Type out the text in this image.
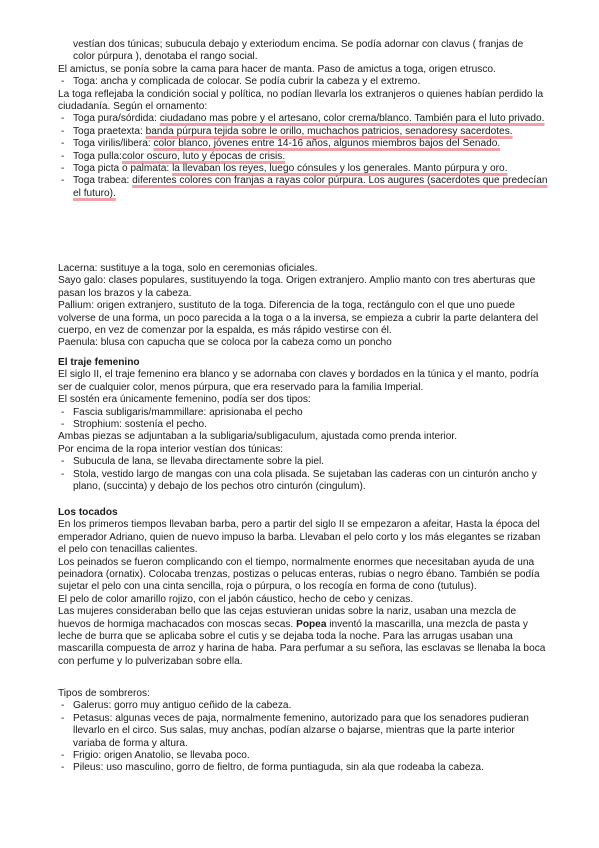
vestían dos túnicas; subucula debajo y exteriodum encima. Se podía adornar con clavus ( franjas de color púrpura ), denotaba el rango social.

El amictus, se ponía sobre la cama para hacer de manta. Paso de amictus a toga, origen etrusco.

- Toga: ancha y complicada de colocar. Se podía cubrir la cabeza y el extremo.

La toga reflejaba la condición social y política, no podían llevarla los extranjeros o quienes habían perdido la ciudadanía. Según el ornamento:

- Toga pura/sórdida: ciudadano mas pobre y el artesano, color crema/blanco. También para el luto privado.

- Toga praetexta: banda púrpura tejida sobre le orillo, muchachos patricios, senadoresy sacerdotes.

- Toga virilis/libera: color blanco, jóvenes entre 14-16 años, algunos miembros bajos del Senado.

- Toga pulla:color oscuro, luto y épocas de crisis.

- Toga picta o palmata: la llevaban los reyes, luego cónsules y los generales. Manto púrpura y oro.

- Toga trabea: diferentes colores con franjas a rayas color púrpura. Los augures (sacerdotes que predecían el futuro).

Lacerna: sustituye a la toga, solo en ceremonias oficiales.

Sayo galo: clases populares, sustituyendo la toga. Origen extranjero. Amplio manto con tres aberturas que pasan los brazos y la cabeza.

Pallium: origen extranjero, sustituto de la toga. Diferencia de la toga, rectángulo con el que uno puede volverse de una forma, un poco parecida a la toga o a la inversa, se empieza a cubrir la parte delantera del cuerpo, en vez de comenzar por la espalda, es más rápido vestirse con él.

Paenula: blusa con capucha que se coloca por la cabeza como un poncho

El traje femenino

El siglo II, el traje femenino era blanco y se adornaba con claves y bordados en la túnica y el manto, podría ser de cualquier color, menos púrpura, que era reservado para la familia Imperial.

El sostén era únicamente femenino, podía ser dos tipos:

- Fascia subligaris/mammillare: aprisionaba el pecho

- Strophium: sostenía el pecho.

Ambas piezas se adjuntaban a la subligaria/subligaculum, ajustada como prenda interior.

Por encima de la ropa interior vestían dos túnicas:

- Subucula de lana, se llevaba directamente sobre la piel.

- Stola, vestido largo de mangas con una cola plisada. Se sujetaban las caderas con un cinturón ancho y plano, (succinta) y debajo de los pechos otro cinturón (cingulum).

Los tocados

En los primeros tiempos llevaban barba, pero a partir del siglo II se empezaron a afeitar, Hasta la época del emperador Adriano, quien de nuevo impuso la barba. Llevaban el pelo corto y los más elegantes se rizaban el pelo con tenacillas calientes.

Los peinados se fueron complicando con el tiempo, normalmente enormes que necesitaban ayuda de una peinadora (ornatix). Colocaba trenzas, postizas o pelucas enteras, rubias o negro ébano. También se podía sujetar el pelo con una cinta sencilla, roja o púrpura, o los recogía en forma de cono (tutulus).

El pelo de color amarillo rojizo, con el jabón cáustico, hecho de cebo y cenizas.

Las mujeres consideraban bello que las cejas estuvieran unidas sobre la nariz, usaban una mezcla de huevos de hormiga machacados con moscas secas. Popea inventó la mascarilla, una mezcla de pasta y leche de burra que se aplicaba sobre el cutis y se dejaba toda la noche. Para las arrugas usaban una mascarilla compuesta de arroz y harina de haba. Para perfumar a su señora, las esclavas se llenaba la boca con perfume y lo pulverizaban sobre ella.

Tipos de sombreros:

- Galerus: gorro muy antiguo ceñido de la cabeza.

- Petasus: algunas veces de paja, normalmente femenino, autorizado para que los senadores pudieran llevarlo en el circo. Sus salas, muy anchas, podían alzarse o bajarse, mientras que la parte interior variaba de forma y altura.

- Frigio: origen Anatolio, se llevaba poco.

- Pileus: uso masculino, gorro de fieltro, de forma puntiaguda, sin ala que rodeaba la cabeza.
